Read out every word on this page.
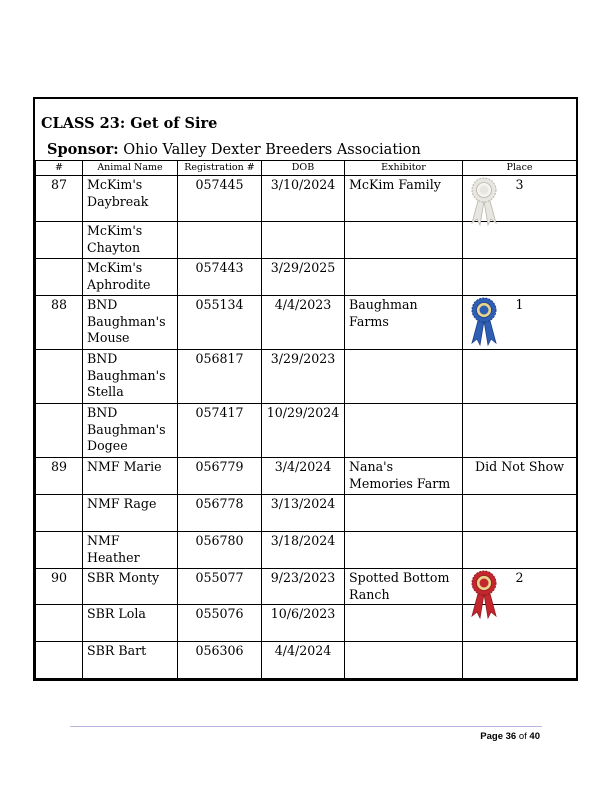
CLASS 23: Get of Sire
Sponsor: Ohio Valley Dexter Breeders Association
#	Animal Name	Registration #	DOB	Exhibitor	Place
87	McKim's Daybreak	057445	3/10/2024	McKim Family	3
	McKim's Chayton				
	McKim's Aphrodite	057443	3/29/2025		
88	BND Baughman's Mouse	055134	4/4/2023	Baughman Farms	1
	BND Baughman's Stella	056817	3/29/2023		
	BND Baughman's Dogee	057417	10/29/2024		
89	NMF Marie	056779	3/4/2024	Nana's Memories Farm	Did Not Show
	NMF Rage	056778	3/13/2024		
	NMF Heather	056780	3/18/2024		
90	SBR Monty	055077	9/23/2023	Spotted Bottom Ranch	2
	SBR Lola	055076	10/6/2023		
	SBR Bart	056306	4/4/2024		
Page 36 of 40
